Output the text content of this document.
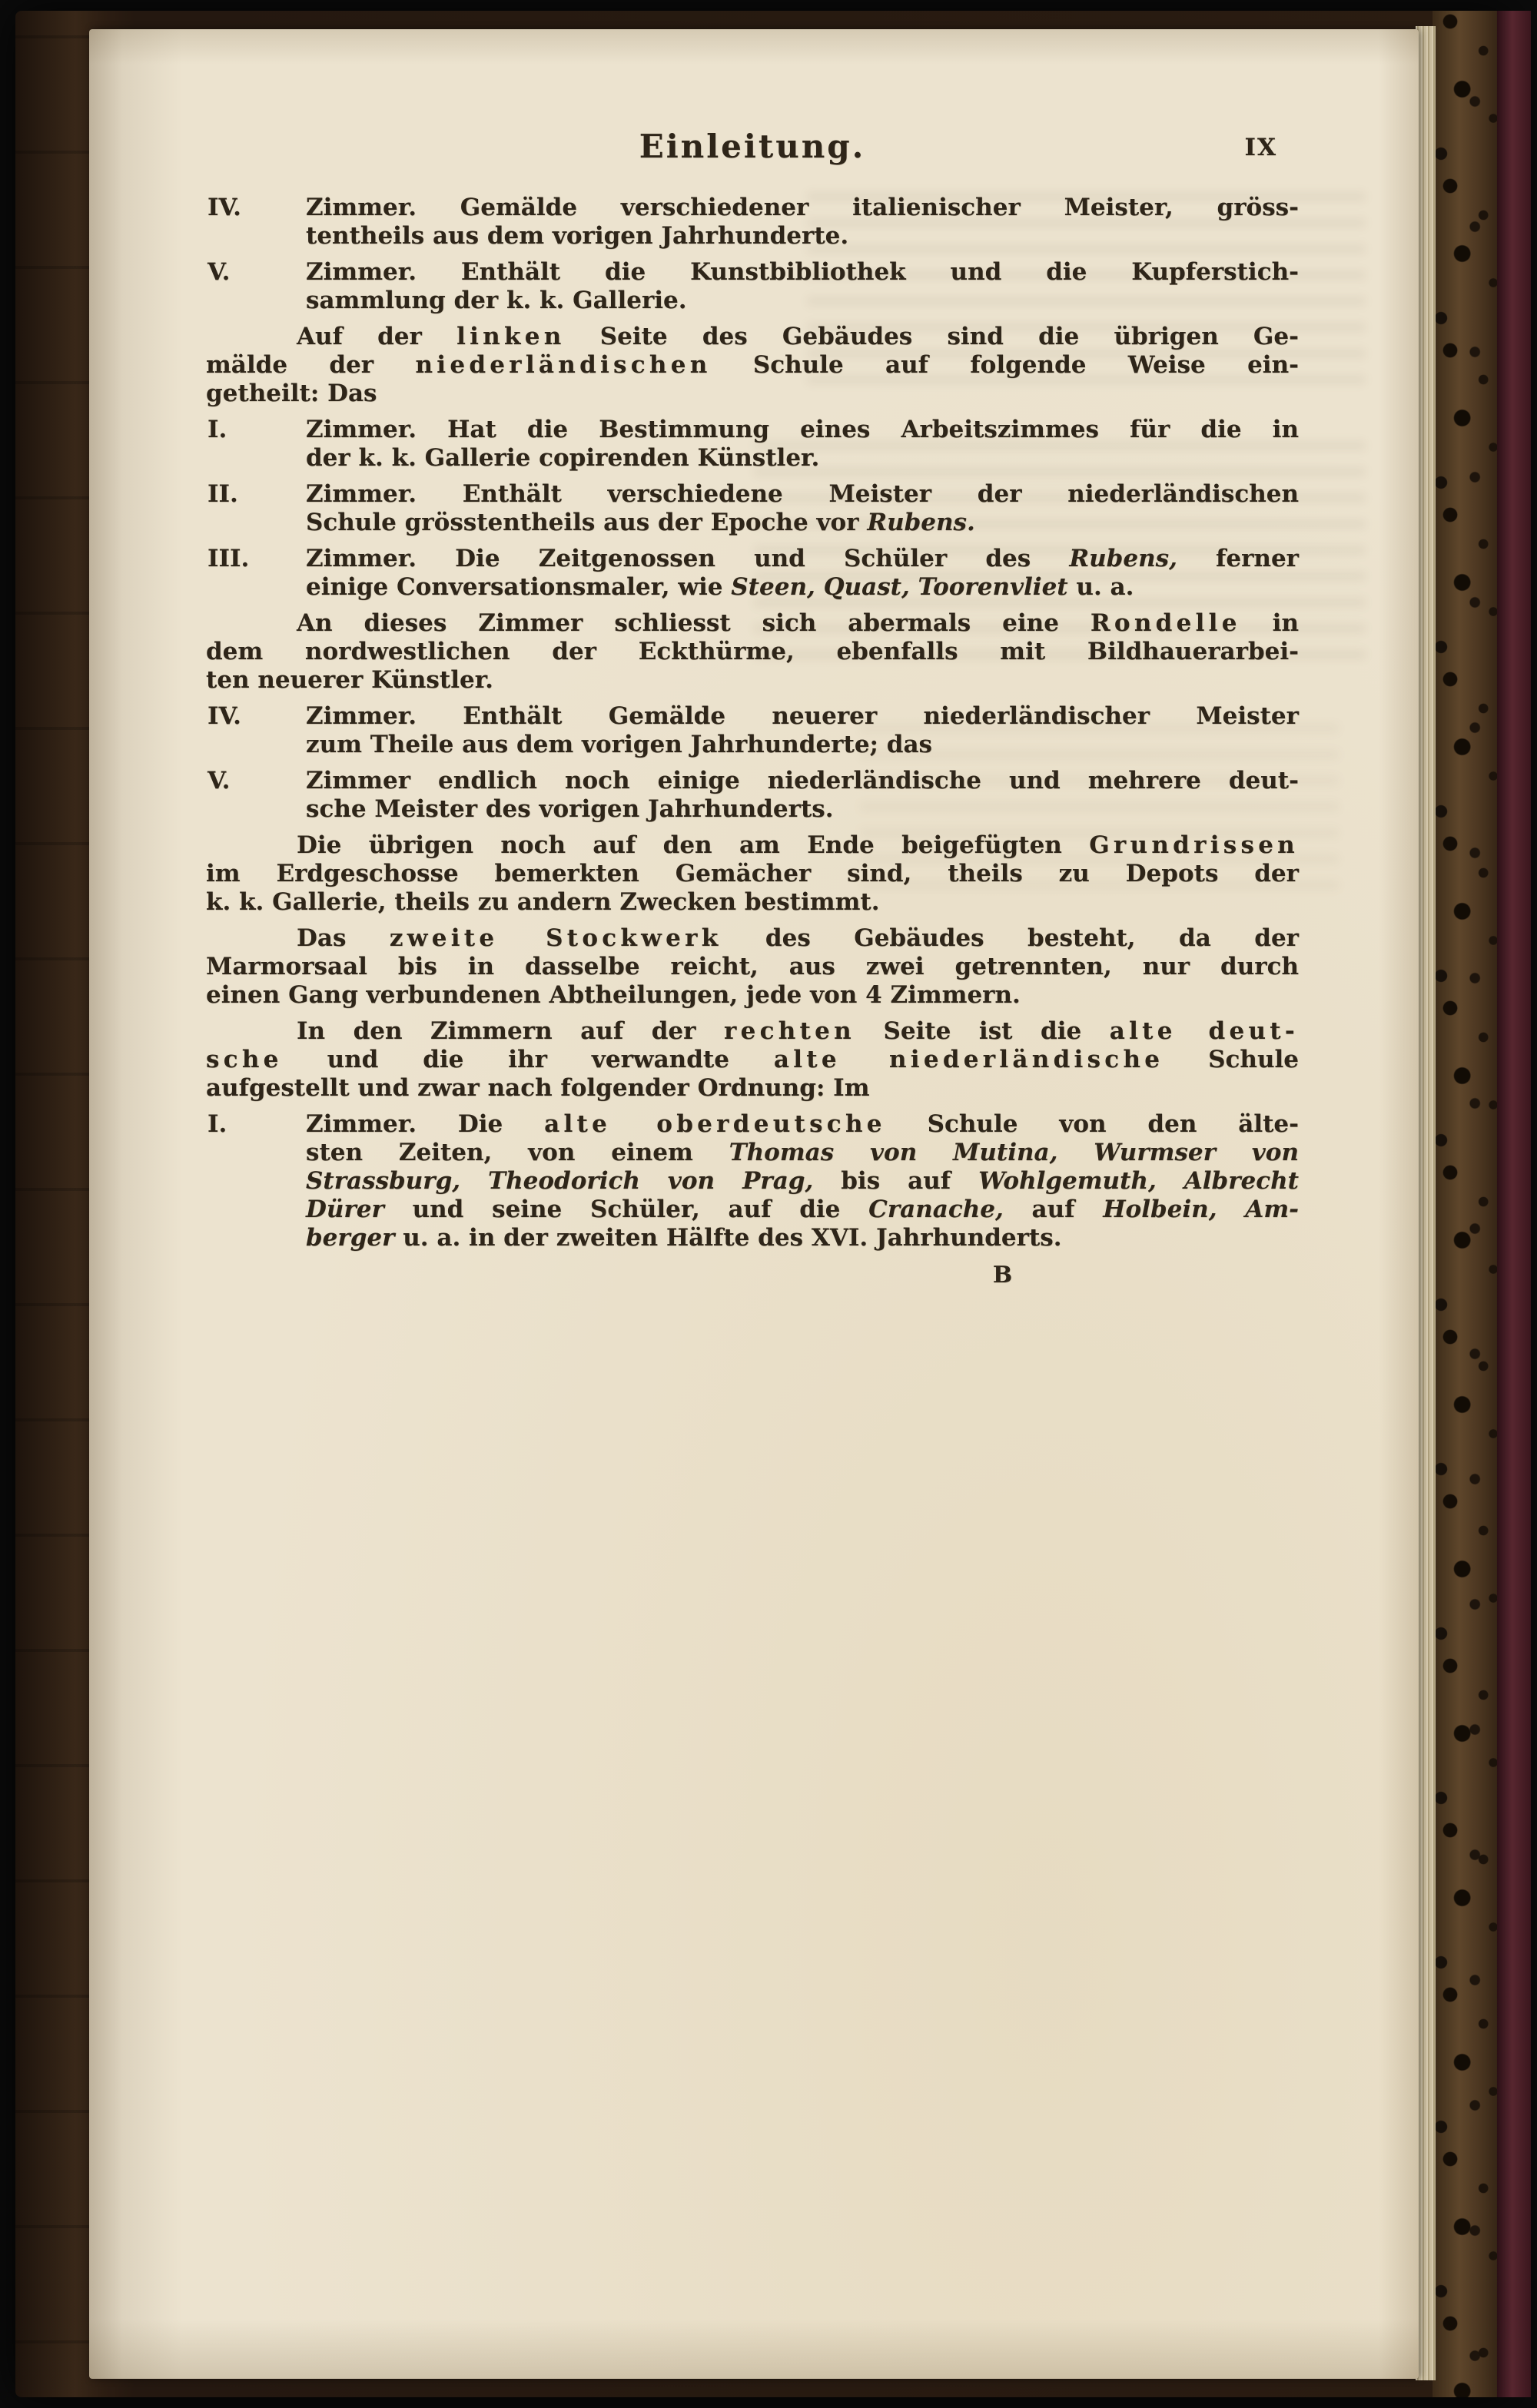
Einleitung.	IX
IV.	Zimmer. Gemälde verschiedener italienischer Meister, gröss-
tentheils aus dem vorigen Jahrhunderte.
V.	Zimmer. Enthält die Kunstbibliothek und die Kupferstich-
sammlung der k. k. Gallerie.
Auf der linken Seite des Gebäudes sind die übrigen Ge-
mälde der niederländischen Schule auf folgende Weise ein-
getheilt: Das
I.	Zimmer. Hat die Bestimmung eines Arbeitszimmes für die in
der k. k. Gallerie copirenden Künstler.
II.	Zimmer. Enthält verschiedene Meister der niederländischen
Schule grösstentheils aus der Epoche vor Rubens.
III.	Zimmer. Die Zeitgenossen und Schüler des Rubens, ferner
einige Conversationsmaler, wie Steen, Quast, Toorenvliet u. a.
An dieses Zimmer schliesst sich abermals eine Rondelle in
dem nordwestlichen der Eckthürme, ebenfalls mit Bildhauerarbei-
ten neuerer Künstler.
IV.	Zimmer. Enthält Gemälde neuerer niederländischer Meister
zum Theile aus dem vorigen Jahrhunderte; das
V.	Zimmer endlich noch einige niederländische und mehrere deut-
sche Meister des vorigen Jahrhunderts.
Die übrigen noch auf den am Ende beigefügten Grundrissen
im Erdgeschosse bemerkten Gemächer sind, theils zu Depots der
k. k. Gallerie, theils zu andern Zwecken bestimmt.
Das zweite Stockwerk des Gebäudes besteht, da der
Marmorsaal bis in dasselbe reicht, aus zwei getrennten, nur durch
einen Gang verbundenen Abtheilungen, jede von 4 Zimmern.
In den Zimmern auf der rechten Seite ist die alte deut-
sche und die ihr verwandte alte niederländische Schule
aufgestellt und zwar nach folgender Ordnung: Im
I.	Zimmer. Die alte oberdeutsche Schule von den älte-
sten Zeiten, von einem Thomas von Mutina, Wurmser von
Strassburg, Theodorich von Prag, bis auf Wohlgemuth, Albrecht
Dürer und seine Schüler, auf die Cranache, auf Holbein, Am-
berger u. a. in der zweiten Hälfte des XVI. Jahrhunderts.
B
